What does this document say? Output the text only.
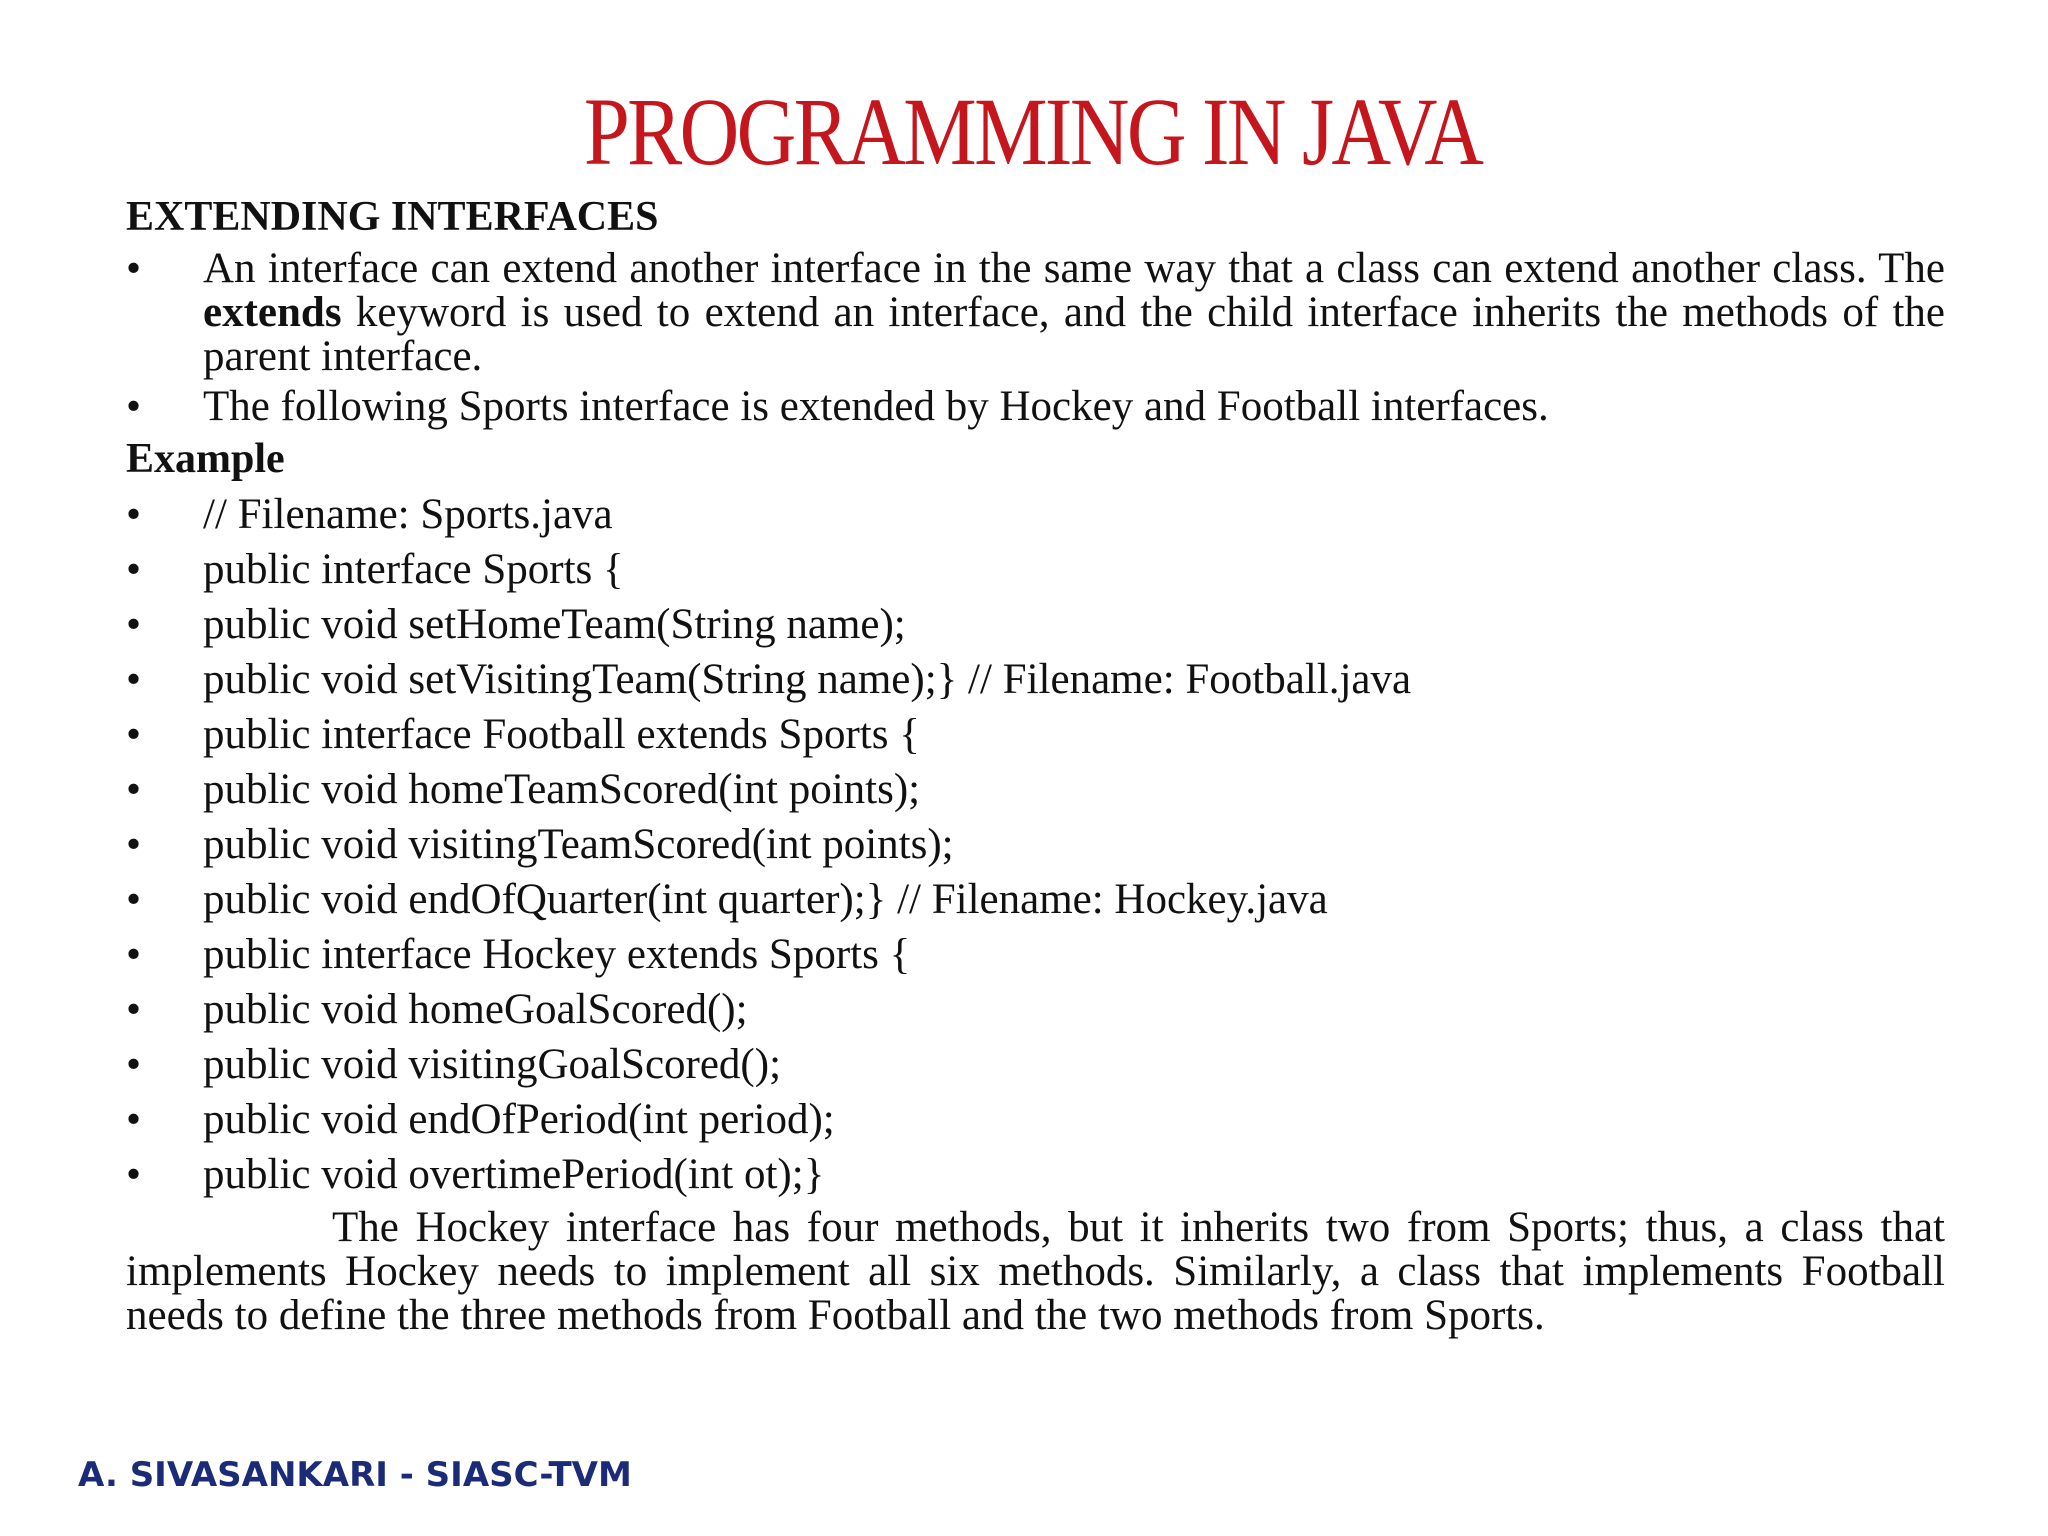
PROGRAMMING IN JAVA

EXTENDING INTERFACES

•	An interface can extend another interface in the same way that a class can extend another class. The extends keyword is used to extend an interface, and the child interface inherits the methods of the parent interface.
•	The following Sports interface is extended by Hockey and Football interfaces.

Example

•	// Filename: Sports.java
•	public interface Sports {
•	public void setHomeTeam(String name);
•	public void setVisitingTeam(String name);} // Filename: Football.java
•	public interface Football extends Sports {
•	public void homeTeamScored(int points);
•	public void visitingTeamScored(int points);
•	public void endOfQuarter(int quarter);} // Filename: Hockey.java
•	public interface Hockey extends Sports {
•	public void homeGoalScored();
•	public void visitingGoalScored();
•	public void endOfPeriod(int period);
•	public void overtimePeriod(int ot);}

The Hockey interface has four methods, but it inherits two from Sports; thus, a class that implements Hockey needs to implement all six methods. Similarly, a class that implements Football needs to define the three methods from Football and the two methods from Sports.

A. SIVASANKARI - SIASC-TVM
